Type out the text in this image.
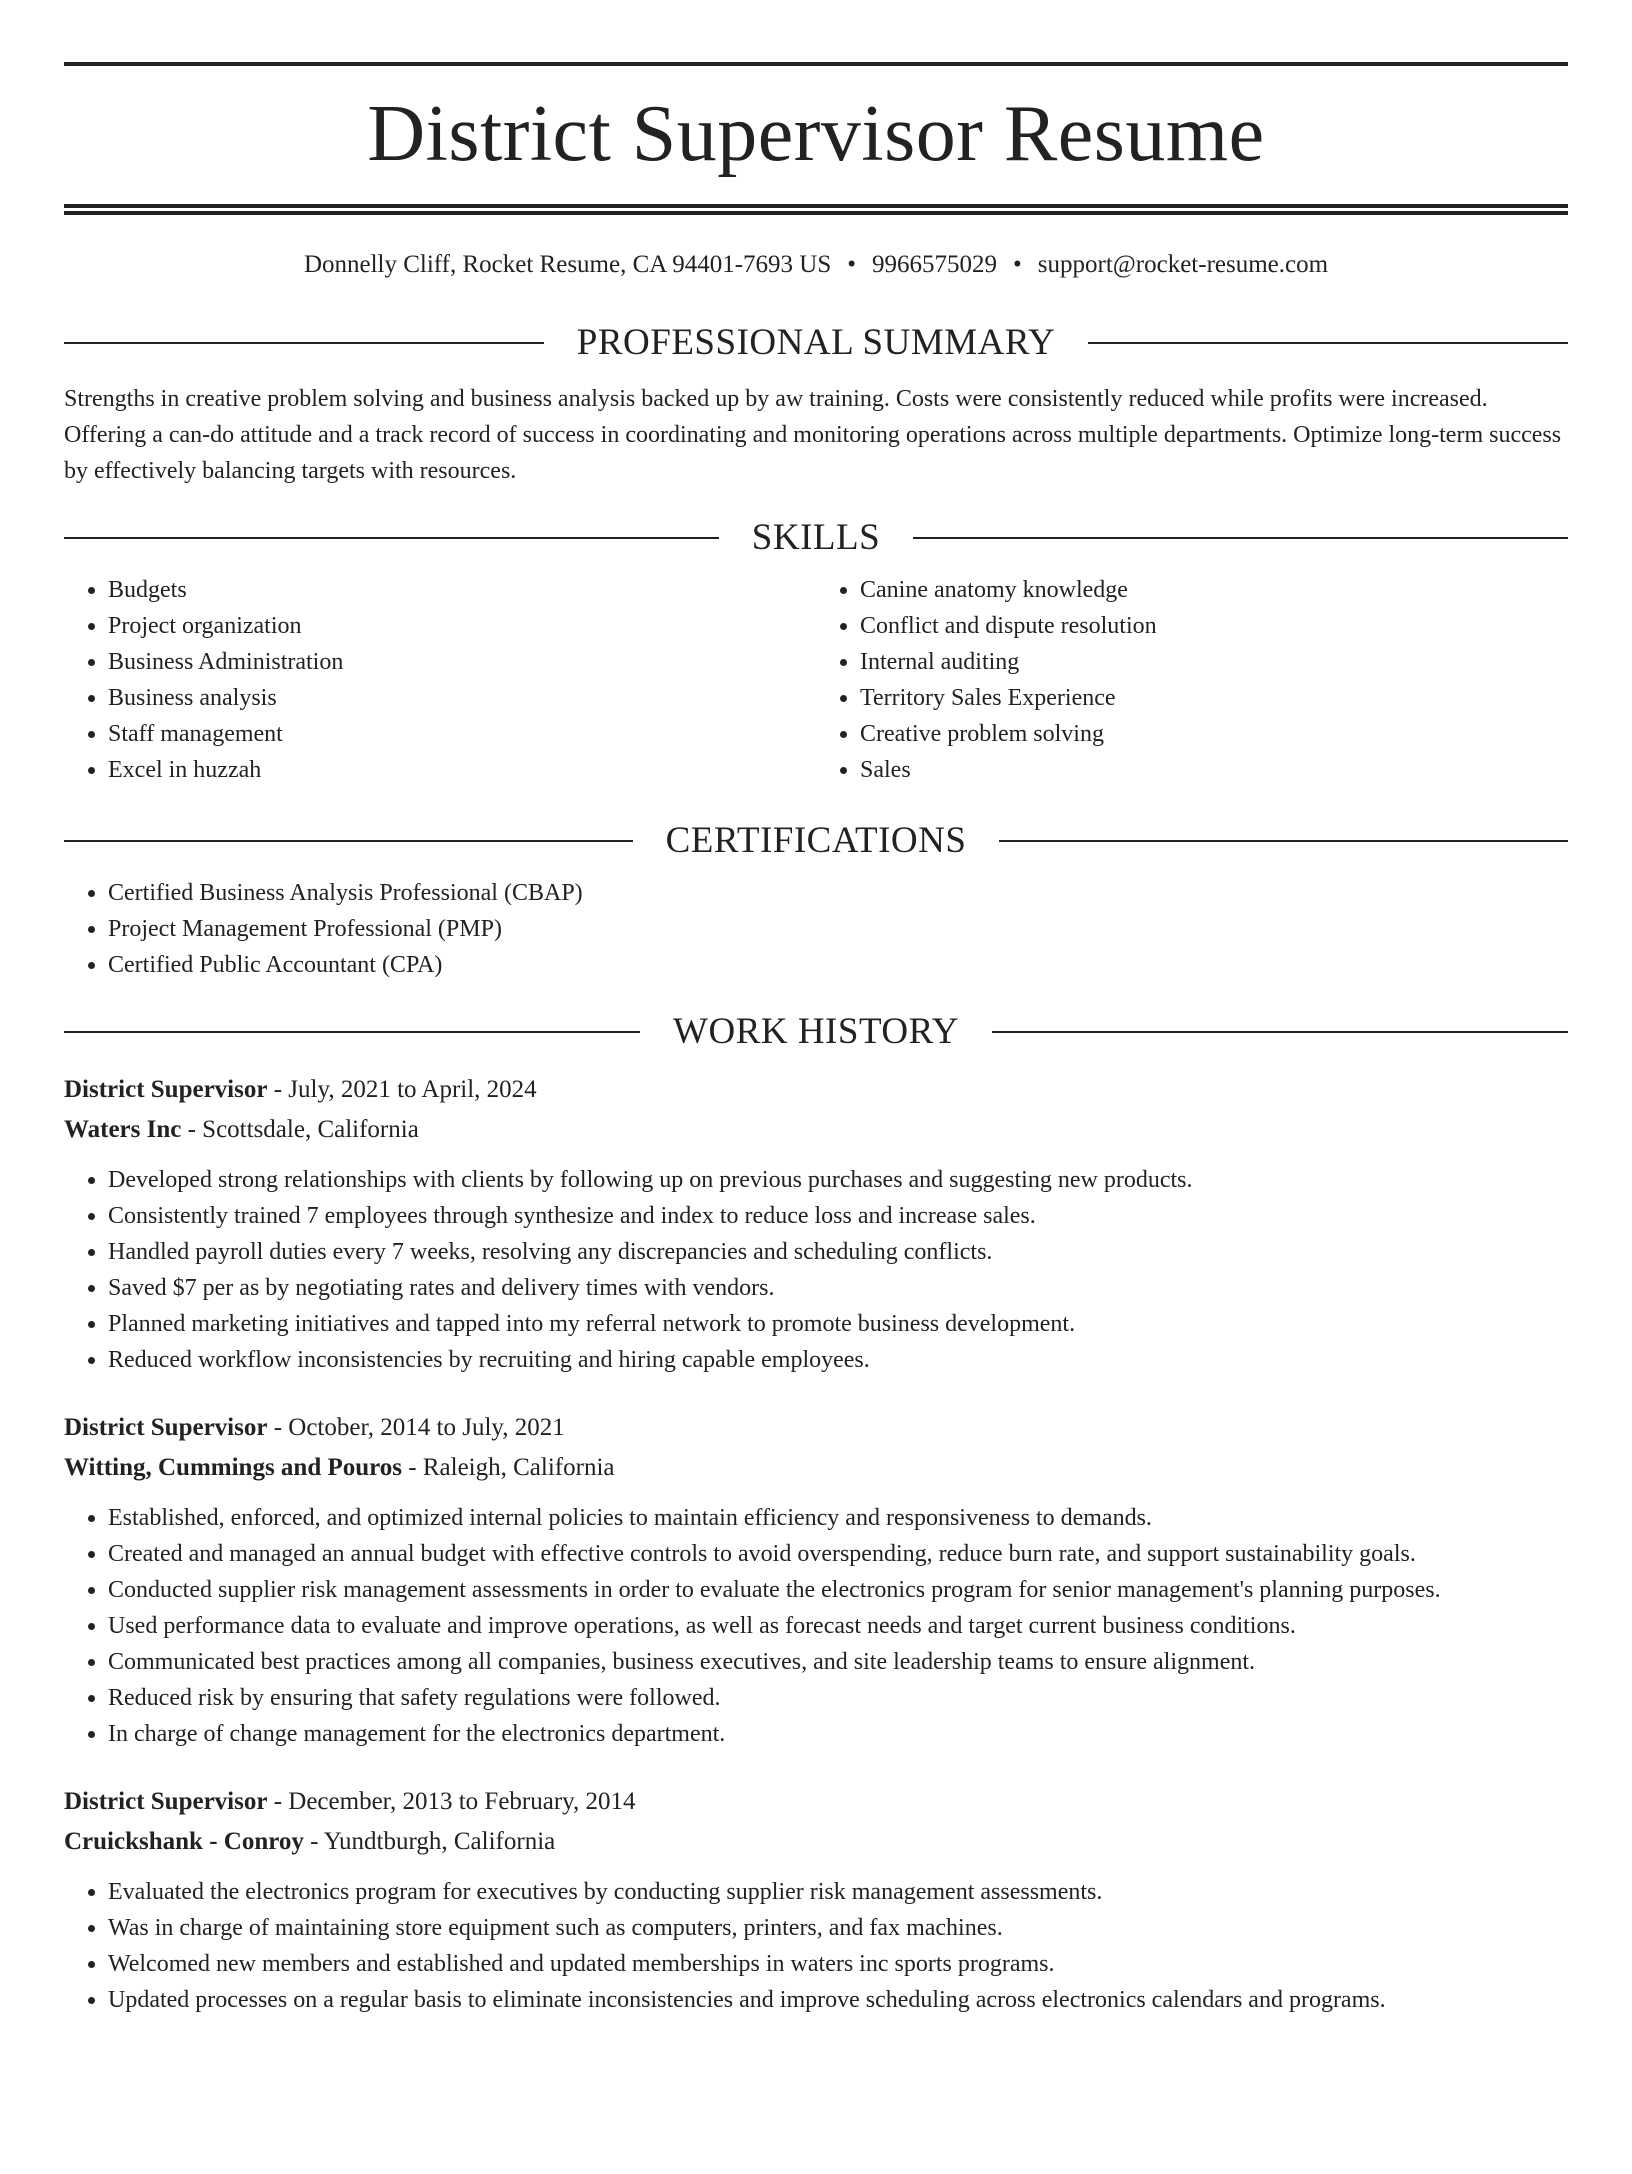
District Supervisor Resume
Donnelly Cliff, Rocket Resume, CA 94401-7693 US • 9966575029 • support@rocket-resume.com
PROFESSIONAL SUMMARY
Strengths in creative problem solving and business analysis backed up by aw training. Costs were consistently reduced while profits were increased. Offering a can-do attitude and a track record of success in coordinating and monitoring operations across multiple departments. Optimize long-term success by effectively balancing targets with resources.
SKILLS
• Budgets
• Project organization
• Business Administration
• Business analysis
• Staff management
• Excel in huzzah
• Canine anatomy knowledge
• Conflict and dispute resolution
• Internal auditing
• Territory Sales Experience
• Creative problem solving
• Sales
CERTIFICATIONS
• Certified Business Analysis Professional (CBAP)
• Project Management Professional (PMP)
• Certified Public Accountant (CPA)
WORK HISTORY
District Supervisor - July, 2021 to April, 2024
Waters Inc - Scottsdale, California
• Developed strong relationships with clients by following up on previous purchases and suggesting new products.
• Consistently trained 7 employees through synthesize and index to reduce loss and increase sales.
• Handled payroll duties every 7 weeks, resolving any discrepancies and scheduling conflicts.
• Saved $7 per as by negotiating rates and delivery times with vendors.
• Planned marketing initiatives and tapped into my referral network to promote business development.
• Reduced workflow inconsistencies by recruiting and hiring capable employees.
District Supervisor - October, 2014 to July, 2021
Witting, Cummings and Pouros - Raleigh, California
• Established, enforced, and optimized internal policies to maintain efficiency and responsiveness to demands.
• Created and managed an annual budget with effective controls to avoid overspending, reduce burn rate, and support sustainability goals.
• Conducted supplier risk management assessments in order to evaluate the electronics program for senior management's planning purposes.
• Used performance data to evaluate and improve operations, as well as forecast needs and target current business conditions.
• Communicated best practices among all companies, business executives, and site leadership teams to ensure alignment.
• Reduced risk by ensuring that safety regulations were followed.
• In charge of change management for the electronics department.
District Supervisor - December, 2013 to February, 2014
Cruickshank - Conroy - Yundtburgh, California
• Evaluated the electronics program for executives by conducting supplier risk management assessments.
• Was in charge of maintaining store equipment such as computers, printers, and fax machines.
• Welcomed new members and established and updated memberships in waters inc sports programs.
• Updated processes on a regular basis to eliminate inconsistencies and improve scheduling across electronics calendars and programs.
